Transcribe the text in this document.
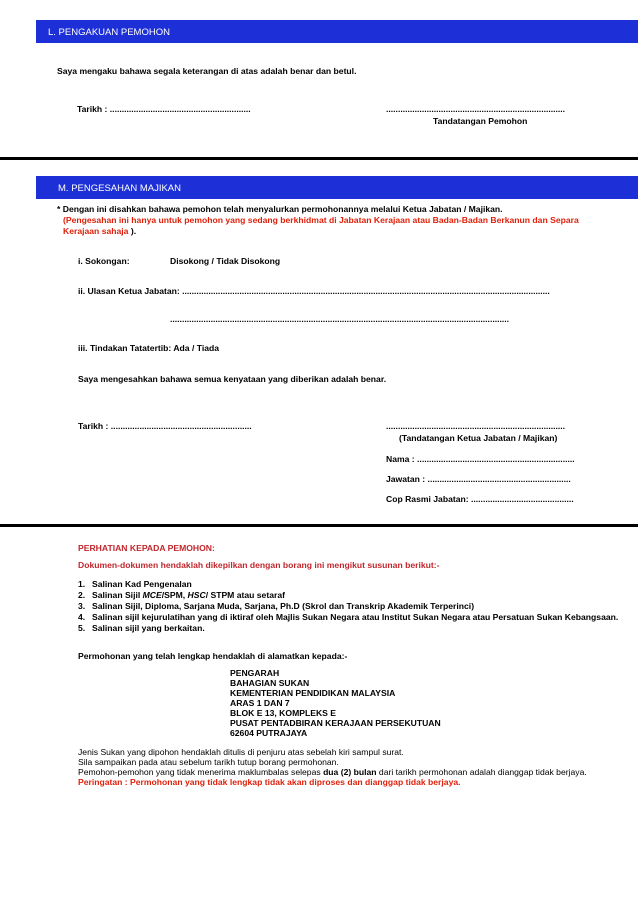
L. PENGAKUAN PEMOHON
Saya mengaku bahawa segala keterangan di atas adalah benar dan betul.
Tarikh : ...........................................................	...........................................................................
Tandatangan Pemohon
M. PENGESAHAN MAJIKAN
* Dengan ini disahkan bahawa pemohon telah menyalurkan permohonannya melalui Ketua Jabatan / Majikan.
(Pengesahan ini hanya untuk pemohon yang sedang berkhidmat di Jabatan Kerajaan atau Badan-Badan Berkanun dan Separa
Kerajaan sahaja ).
i. Sokongan:	Disokong / Tidak Disokong
ii. Ulasan Ketua Jabatan: ..........................................................................................................................................................
..............................................................................................................................................
iii. Tindakan Tatatertib: Ada / Tiada
Saya mengesahkan bahawa semua kenyataan yang diberikan adalah benar.
Tarikh : ...........................................................	...........................................................................
(Tandatangan Ketua Jabatan / Majikan)
Nama : ..................................................................
Jawatan : ............................................................
Cop Rasmi Jabatan: ...........................................
PERHATIAN KEPADA PEMOHON:
Dokumen-dokumen hendaklah dikepilkan dengan borang ini mengikut susunan berikut:-
1. Salinan Kad Pengenalan
2. Salinan Sijil MCE/SPM, HSC/ STPM atau setaraf
3. Salinan Sijil, Diploma, Sarjana Muda, Sarjana, Ph.D (Skrol dan Transkrip Akademik Terperinci)
4. Salinan sijil kejurulatihan yang di iktiraf oleh Majlis Sukan Negara atau Institut Sukan Negara atau Persatuan Sukan Kebangsaan.
5. Salinan sijil yang berkaitan.
Permohonan yang telah lengkap hendaklah di alamatkan kepada:-
PENGARAH
BAHAGIAN SUKAN
KEMENTERIAN PENDIDIKAN MALAYSIA
ARAS 1 DAN 7
BLOK E 13, KOMPLEKS E
PUSAT PENTADBIRAN KERAJAAN PERSEKUTUAN
62604 PUTRAJAYA
Jenis Sukan yang dipohon hendaklah ditulis di penjuru atas sebelah kiri sampul surat.
Sila sampaikan pada atau sebelum tarikh tutup borang permohonan.
Pemohon-pemohon yang tidak menerima maklumbalas selepas dua (2) bulan dari tarikh permohonan adalah dianggap tidak berjaya.
Peringatan : Permohonan yang tidak lengkap tidak akan diproses dan dianggap tidak berjaya.
